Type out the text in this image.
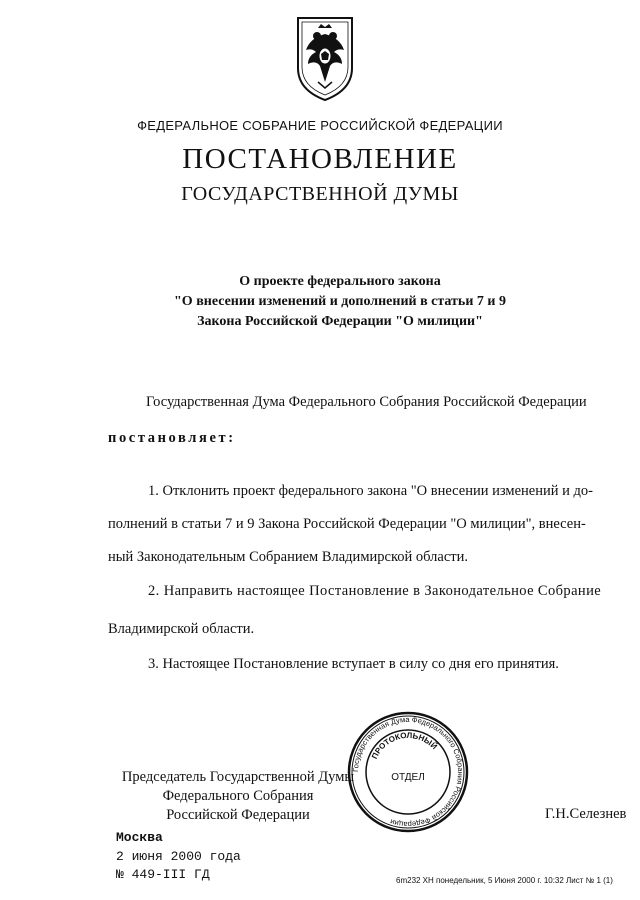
ФЕДЕРАЛЬНОЕ СОБРАНИЕ РОССИЙСКОЙ ФЕДЕРАЦИИ
ПОСТАНОВЛЕНИЕ
ГОСУДАРСТВЕННОЙ ДУМЫ
О проекте федерального закона
"О внесении изменений и дополнений в статьи 7 и 9
Закона Российской Федерации "О милиции"
Государственная Дума Федерального Собрания Российской Федерации
постановляет:
1. Отклонить проект федерального закона "О внесении изменений и до-
полнений в статьи 7 и 9 Закона Российской Федерации "О милиции", внесен-
ный Законодательным Собранием Владимирской области.
2. Направить настоящее Постановление в Законодательное Собрание
Владимирской области.
3. Настоящее Постановление вступает в силу со дня его принятия.
Государственная Дума Федерального Собрания Российской Федерации
ПРОТОКОЛЬНЫЙ
ОТДЕЛ
Председатель Государственной Думы
Федерального Собрания
Российской Федерации	Г.Н.Селезнев
Москва
2 июня 2000 года
№ 449-III ГД	6m232 ХН понедельник, 5 Июня 2000 г. 10:32 Лист № 1 (1)
